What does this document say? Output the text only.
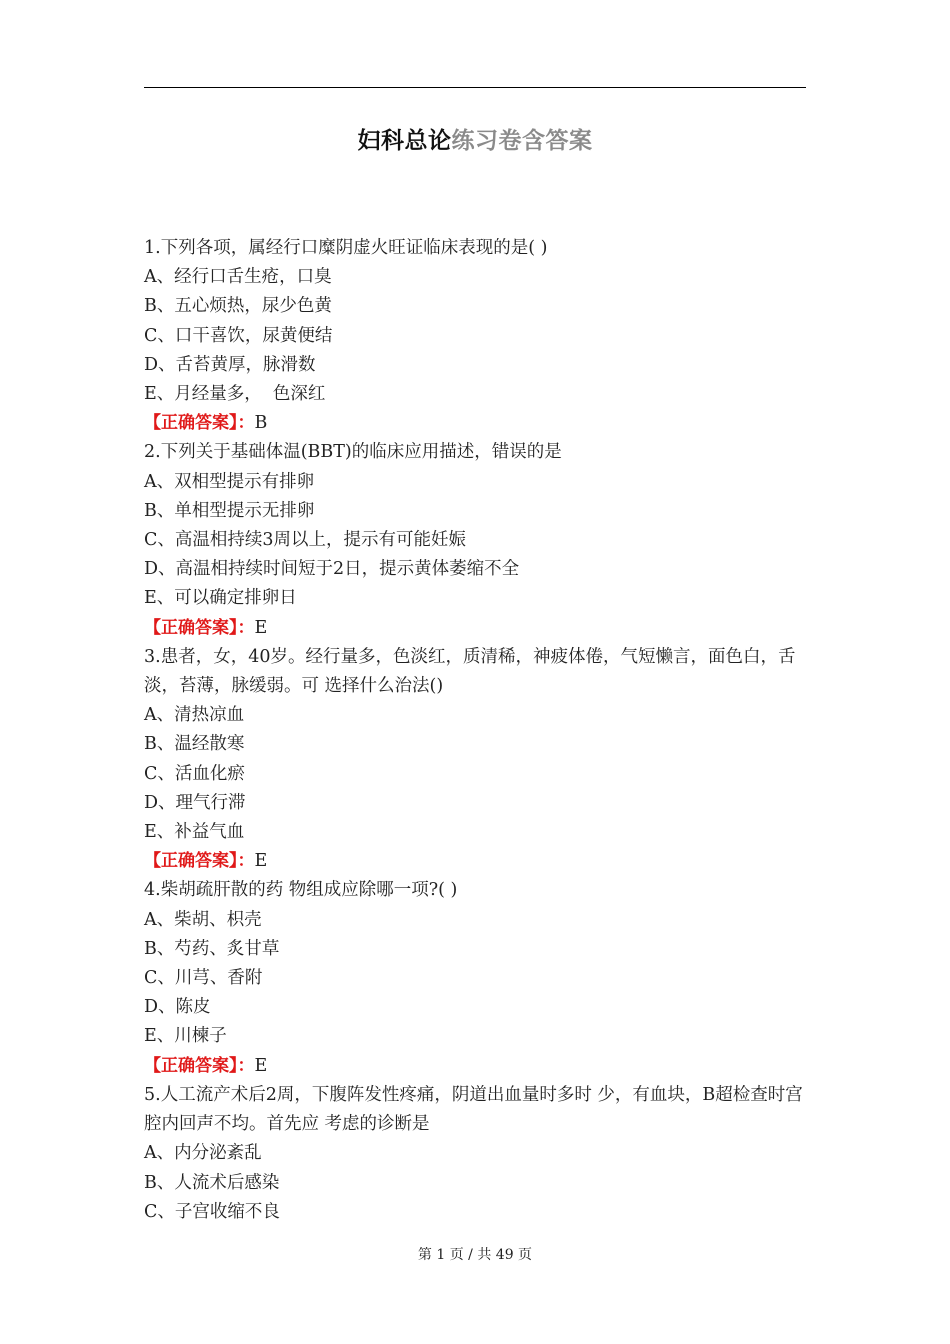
妇科总论练习卷含答案

1.下列各项，属经行口糜阴虚火旺证临床表现的是( )

A、经行口舌生疮，口臭

B、五心烦热，尿少色黄

C、口干喜饮，尿黄便结

D、舌苔黄厚，脉滑数

E、月经量多，  色深红

【正确答案】：B

2.下列关于基础体温(BBT)的临床应用描述，错误的是

A、双相型提示有排卵

B、单相型提示无排卵

C、高温相持续3周以上，提示有可能妊娠

D、高温相持续时间短于2日，提示黄体萎缩不全

E、可以确定排卵日

【正确答案】：E

3.患者，女，40岁。经行量多，色淡红，质清稀，神疲体倦，气短懒言，面色白，舌淡，苔薄，脉缓弱。可 选择什么治法()

A、清热凉血

B、温经散寒

C、活血化瘀

D、理气行滞

E、补益气血

【正确答案】：E

4.柴胡疏肝散的药 物组成应除哪一项?( )

A、柴胡、枳壳

B、芍药、炙甘草

C、川芎、香附

D、陈皮

E、川楝子

【正确答案】：E

5.人工流产术后2周，下腹阵发性疼痛，阴道出血量时多时 少，有血块，B超检查时宫腔内回声不均。首先应 考虑的诊断是

A、内分泌紊乱

B、人流术后感染

C、子宫收缩不良

第 1 页 / 共 49 页
